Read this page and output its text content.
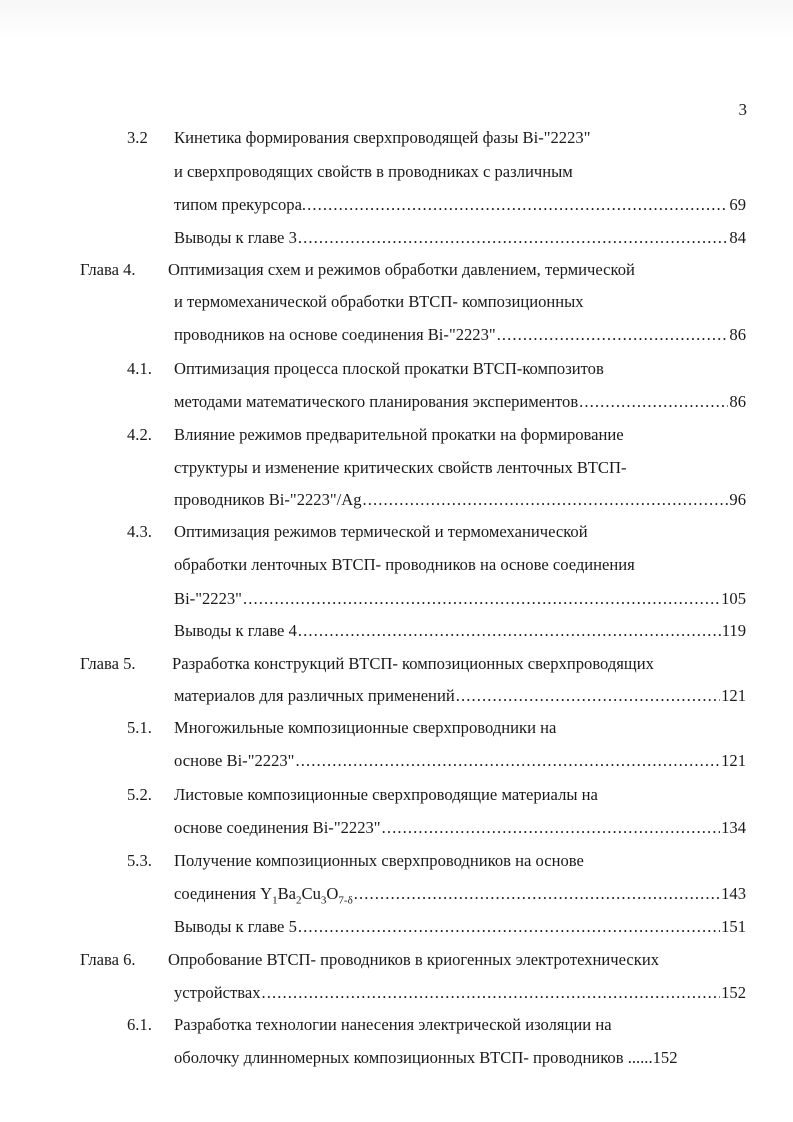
3
3.2 Кинетика формирования сверхпроводящей фазы Bi-"2223"
и сверхпроводящих свойств в проводниках с различным
типом прекурсора. .....	69
Выводы к главе 3 .....	84
Глава 4. Оптимизация схем и режимов обработки давлением, термической
и термомеханической обработки ВТСП- композиционных
проводников на основе соединения Bi-"2223" .....	86
4.1. Оптимизация процесса плоской прокатки ВТСП-композитов
методами математического планирования экспериментов .....	86
4.2. Влияние режимов предварительной прокатки на формирование
структуры и изменение критических свойств ленточных ВТСП-
проводников Bi-"2223"/Ag .....	96
4.3. Оптимизация режимов термической и термомеханической
обработки ленточных ВТСП- проводников на основе соединения
Bi-"2223" .....	105
Выводы к главе 4 .....	119
Глава 5. Разработка конструкций ВТСП- композиционных сверхпроводящих
материалов для различных применений .....	121
5.1. Многожильные композиционные сверхпроводники на
основе Bi-"2223" .....	121
5.2. Листовые композиционные сверхпроводящие материалы на
основе соединения Bi-"2223" .....	134
5.3. Получение композиционных сверхпроводников на основе
соединения $Y_1Ba_2Cu_3O_{7-\delta}$ .....	143
Выводы к главе 5 .....	151
Глава 6. Опробование ВТСП- проводников в криогенных электротехнических
устройствах .....	152
6.1. Разработка технологии нанесения электрической изоляции на
оболочку длинномерных композиционных ВТСП- проводников ......152
